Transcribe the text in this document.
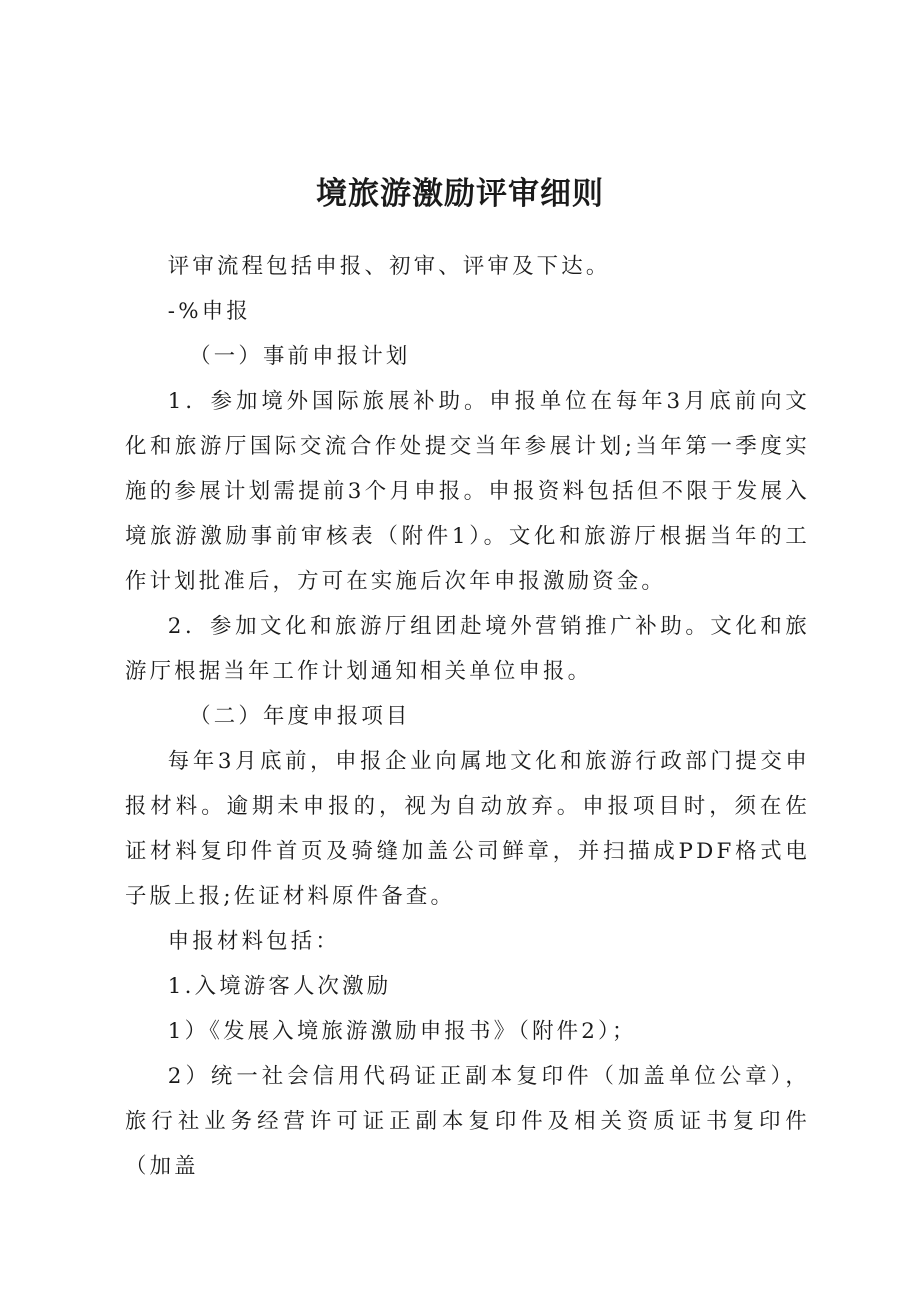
境旅游激励评审细则

评审流程包括申报、初审、评审及下达。

-%申报

（一）事前申报计划

1．参加境外国际旅展补助。申报单位在每年3月底前向文化和旅游厅国际交流合作处提交当年参展计划;当年第一季度实施的参展计划需提前3个月申报。申报资料包括但不限于发展入境旅游激励事前审核表（附件1）。文化和旅游厅根据当年的工作计划批准后，方可在实施后次年申报激励资金。

2．参加文化和旅游厅组团赴境外营销推广补助。文化和旅游厅根据当年工作计划通知相关单位申报。

（二）年度申报项目

每年3月底前，申报企业向属地文化和旅游行政部门提交申报材料。逾期未申报的，视为自动放弃。申报项目时，须在佐证材料复印件首页及骑缝加盖公司鲜章，并扫描成PDF格式电子版上报;佐证材料原件备查。

申报材料包括：

1.入境游客人次激励

1）《发展入境旅游激励申报书》（附件2）；

2）统一社会信用代码证正副本复印件（加盖单位公章），旅行社业务经营许可证正副本复印件及相关资质证书复印件（加盖
